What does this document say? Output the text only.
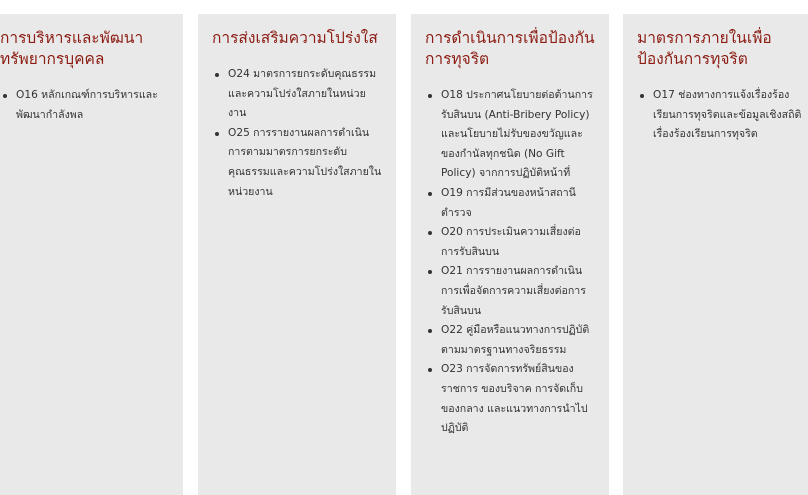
การบริหารและพัฒนาทรัพยากรบุคคล
O16 หลักเกณฑ์การบริหารและพัฒนากำลังพล
การส่งเสริมความโปร่งใส
O24 มาตรการยกระดับคุณธรรมและความโปร่งใสภายในหน่วยงาน
O25 การรายงานผลการดำเนินการตามมาตรการยกระดับคุณธรรมและความโปร่งใสภายในหน่วยงาน
การดำเนินการเพื่อป้องกันการทุจริต
O18 ประกาศนโยบายต่อต้านการรับสินบน (Anti-Bribery Policy) และนโยบายไม่รับของขวัญและของกำนัลทุกชนิด (No Gift Policy) จากการปฏิบัติหน้าที่
O19 การมีส่วนของหน้าสถานีตำรวจ
O20 การประเมินความเสี่ยงต่อการรับสินบน
O21 การรายงานผลการดำเนินการเพื่อจัดการความเสี่ยงต่อการรับสินบน
O22 คู่มือหรือแนวทางการปฏิบัติตามมาตรฐานทางจริยธรรม
O23 การจัดการทรัพย์สินของราชการ ของบริจาค การจัดเก็บของกลาง และแนวทางการนำไปปฏิบัติ
มาตรการภายในเพื่อป้องกันการทุจริต
O17 ช่องทางการแจ้งเรื่องร้องเรียนการทุจริตและข้อมูลเชิงสถิติเรื่องร้องเรียนการทุจริต
